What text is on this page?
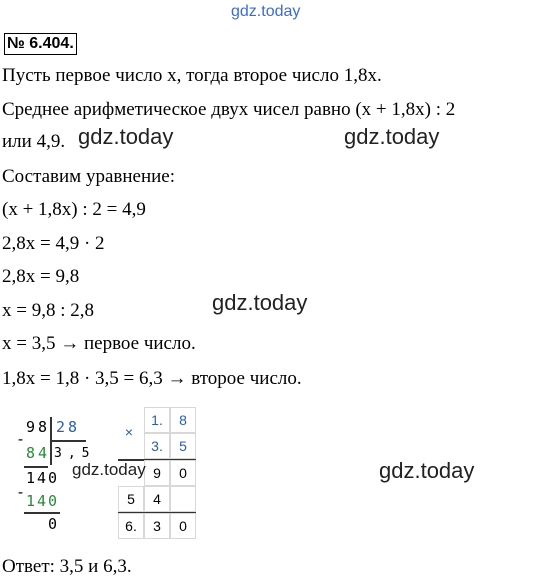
gdz.today
№ 6.404.
Пусть первое число x, тогда второе число 1,8x.
Среднее арифметическое двух чисел равно (x + 1,8x) : 2
или 4,9. gdz.today	gdz.today
Составим уравнение:
(x + 1,8x) : 2 = 4,9
2,8x = 4,9 · 2
2,8x = 9,8
x = 9,8 : 2,8	gdz.today
x = 3,5 → первое число.
1,8x = 1,8 · 3,5 = 6,3 → второе число.
-
98 28
84 3,5
140
- 140
0
×
1.	8
3.	5
9	0
5	4
6.	3	0
gdz.today	gdz.today
Ответ: 3,5 и 6,3.
